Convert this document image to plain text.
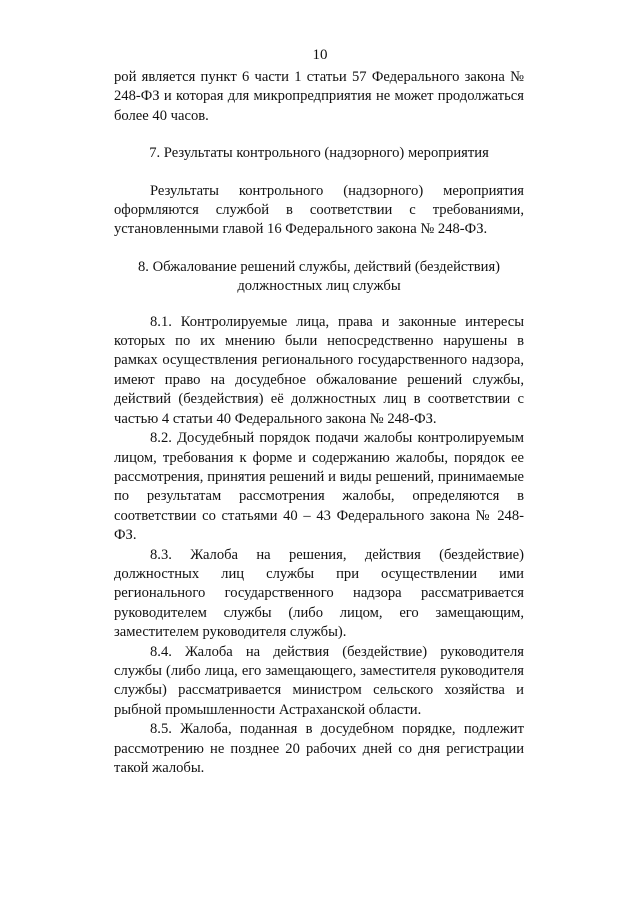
10

рой является пункт 6 части 1 статьи 57 Федерального закона № 248-ФЗ и которая для микропредприятия не может продолжаться более 40 часов.

7. Результаты контрольного (надзорного) мероприятия

Результаты контрольного (надзорного) мероприятия оформляются службой в соответствии с требованиями, установленными главой 16 Федерального закона № 248-ФЗ.

8. Обжалование решений службы, действий (бездействия)

должностных лиц службы

8.1. Контролируемые лица, права и законные интересы которых по их мнению были непосредственно нарушены в рамках осуществления регионального государственного надзора, имеют право на досудебное обжалование решений службы, действий (бездействия) её должностных лиц в соответствии с частью 4 статьи 40 Федерального закона № 248-ФЗ.

8.2. Досудебный порядок подачи жалобы контролируемым лицом, требования к форме и содержанию жалобы, порядок ее рассмотрения, принятия решений и виды решений, принимаемые по результатам рассмотрения жалобы, определяются в соответствии со статьями 40 – 43 Федерального закона № 248-ФЗ.

8.3. Жалоба на решения, действия (бездействие) должностных лиц службы при осуществлении ими регионального государственного надзора рассматривается руководителем службы (либо лицом, его замещающим, заместителем руководителя службы).

8.4. Жалоба на действия (бездействие) руководителя службы (либо лица, его замещающего, заместителя руководителя службы) рассматривается министром сельского хозяйства и рыбной промышленности Астраханской области.

8.5. Жалоба, поданная в досудебном порядке, подлежит рассмотрению не позднее 20 рабочих дней со дня регистрации такой жалобы.
